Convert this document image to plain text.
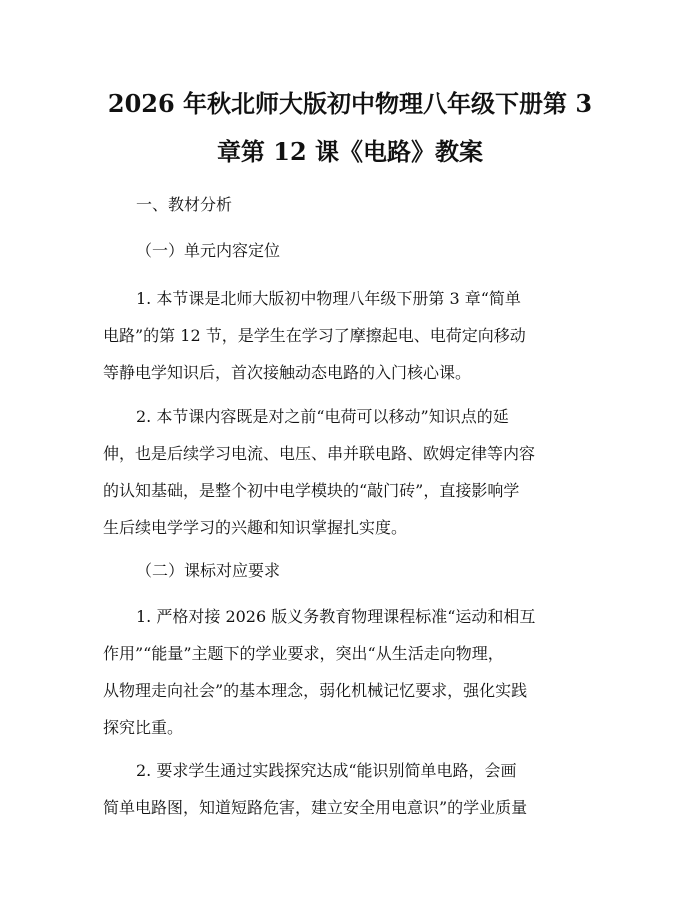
2026 年秋北师大版初中物理八年级下册第 3
章第 12 课《电路》教案
一、教材分析
（一）单元内容定位
1. 本节课是北师大版初中物理八年级下册第 3 章“简单
电路”的第 12 节，是学生在学习了摩擦起电、电荷定向移动
等静电学知识后，首次接触动态电路的入门核心课。
2. 本节课内容既是对之前“电荷可以移动”知识点的延
伸，也是后续学习电流、电压、串并联电路、欧姆定律等内容
的认知基础，是整个初中电学模块的“敲门砖”，直接影响学
生后续电学学习的兴趣和知识掌握扎实度。
（二）课标对应要求
1. 严格对接 2026 版义务教育物理课程标准“运动和相互
作用”“能量”主题下的学业要求，突出“从生活走向物理，
从物理走向社会”的基本理念，弱化机械记忆要求，强化实践
探究比重。
2. 要求学生通过实践探究达成“能识别简单电路，会画
简单电路图，知道短路危害，建立安全用电意识”的学业质量
